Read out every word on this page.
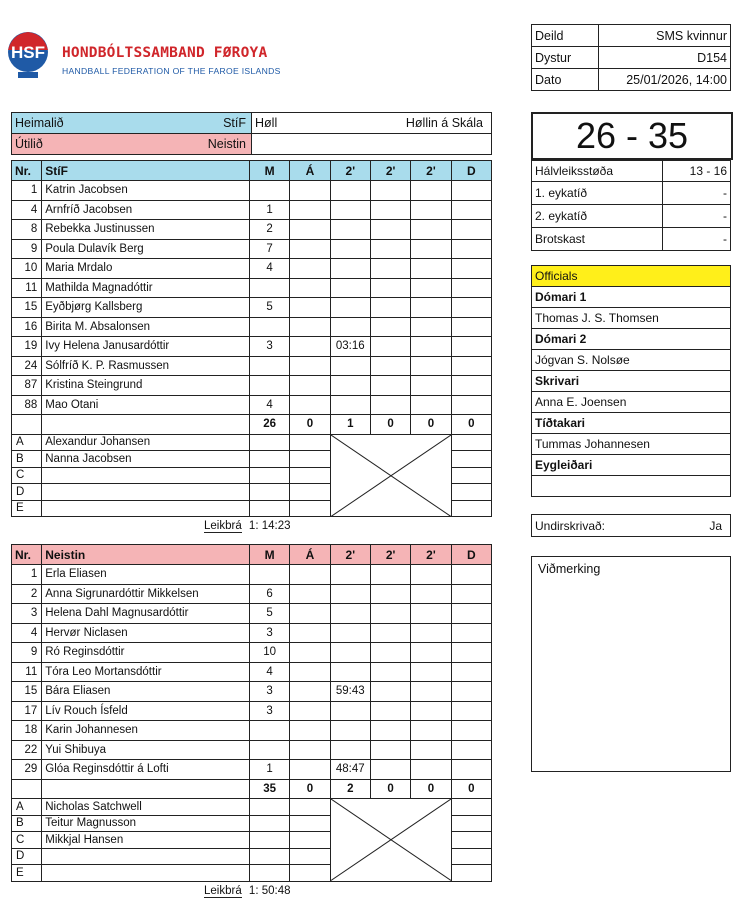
HSF HONDBÓLTSSAMBAND FØROYA
HANDBALL FEDERATION OF THE FAROE ISLANDS
Deild	SMS kvinnur
Dystur	D154
Dato	25/01/2026, 14:00
Heimalið StíF	Høll Høllin á Skála

Útilið Neistin	

Nr.	StíF	M	Á	2'	2'	2'	D
1	Katrin Jacobsen						
4	Arnfríð Jacobsen	1					
8	Rebekka Justinussen	2					
9	Poula Dulavík Berg	7					
10	Maria Mrdalo	4					
11	Mathilda Magnadóttir						
15	Eyðbjørg Kallsberg	5					
16	Birita M. Absalonsen						
19	Ivy Helena Janusardóttir	3		03:16			
24	Sólfríð K. P. Rasmussen						
87	Kristina Steingrund						
88	Mao Otani	4					
		26	0	1	0	0	0
A	Alexandur Johansen			

B	Nanna Jacobsen						
C							
D							
E							
Leikbrá 1: 14:23
Nr.	Neistin	M	Á	2'	2'	2'	D
1	Erla Eliasen						
2	Anna Sigrunardóttir Mikkelsen	6					
3	Helena Dahl Magnusardóttir	5					
4	Hervør Niclasen	3					
9	Ró Reginsdóttir	10					
11	Tóra Leo Mortansdóttir	4					
15	Bára Eliasen	3		59:43			
17	Lív Rouch Ísfeld	3					
18	Karin Johannesen						
22	Yui Shibuya						
29	Glóa Reginsdóttir á Lofti	1		48:47			
		35	0	2	0	0	0
A	Nicholas Satchwell			

B	Teitur Magnusson						
C	Mikkjal Hansen						
D							
E							
Leikbrá 1: 50:48
26 - 35
Hálvleiksstøða	13 - 16
1. eykatíð	-
2. eykatíð	-
Brotskast	-
Officials
Dómari 1
Thomas J. S. Thomsen
Dómari 2
Jógvan S. Nolsøe
Skrivari
Anna E. Joensen
Tíðtakari
Tummas Johannesen
Eygleiðari

Undirskrivað:	Ja
Viðmerking
